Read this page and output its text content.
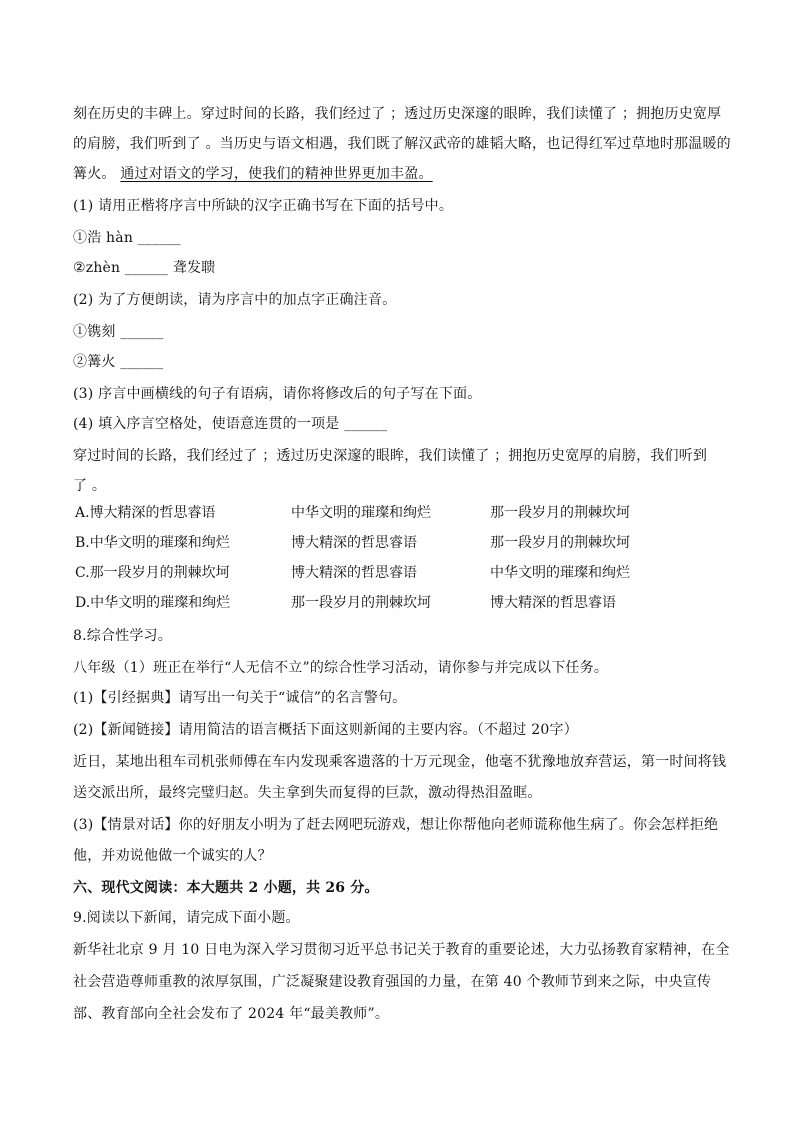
刻在历史的丰碑上。穿过时间的长路，我们经过了 ；透过历史深邃的眼眸，我们读懂了 ；拥抱历史宽厚
的肩膀，我们听到了 。当历史与语文相遇，我们既了解汉武帝的雄韬大略，也记得红军过草地时那温暖的
篝火。 通过对语文的学习，使我们的精神世界更加丰盈。
(1) 请用正楷将序言中所缺的汉字正确书写在下面的括号中。
①浩 hàn ______
②zhèn ______ 聋发聩
(2) 为了方便朗读，请为序言中的加点字正确注音。
①镌刻 ______
②篝火 ______
(3) 序言中画横线的句子有语病，请你将修改后的句子写在下面。
(4) 填入序言空格处，使语意连贯的一项是 ______
穿过时间的长路，我们经过了 ；透过历史深邃的眼眸，我们读懂了 ；拥抱历史宽厚的肩膀，我们听到
了 。
A.博大精深的哲思睿语	中华文明的璀璨和绚烂	那一段岁月的荆棘坎坷
B.中华文明的璀璨和绚烂	博大精深的哲思睿语	那一段岁月的荆棘坎坷
C.那一段岁月的荆棘坎坷	博大精深的哲思睿语	中华文明的璀璨和绚烂
D.中华文明的璀璨和绚烂	那一段岁月的荆棘坎坷	博大精深的哲思睿语
8.综合性学习。
八年级（1）班正在举行“人无信不立”的综合性学习活动，请你参与并完成以下任务。
(1)【引经据典】请写出一句关于“诚信”的名言警句。
(2)【新闻链接】请用简洁的语言概括下面这则新闻的主要内容。（不超过 20字）
近日，某地出租车司机张师傅在车内发现乘客遗落的十万元现金，他毫不犹豫地放弃营运，第一时间将钱
送交派出所，最终完璧归赵。失主拿到失而复得的巨款，激动得热泪盈眶。
(3)【情景对话】你的好朋友小明为了赶去网吧玩游戏，想让你帮他向老师谎称他生病了。你会怎样拒绝
他，并劝说他做一个诚实的人？
六、现代文阅读：本大题共 2 小题，共 26 分。
9.阅读以下新闻，请完成下面小题。
新华社北京 9 月 10 日电为深入学习贯彻习近平总书记关于教育的重要论述，大力弘扬教育家精神，在全
社会营造尊师重教的浓厚氛围，广泛凝聚建设教育强国的力量，在第 40 个教师节到来之际，中央宣传
部、教育部向全社会发布了 2024 年“最美教师”。
